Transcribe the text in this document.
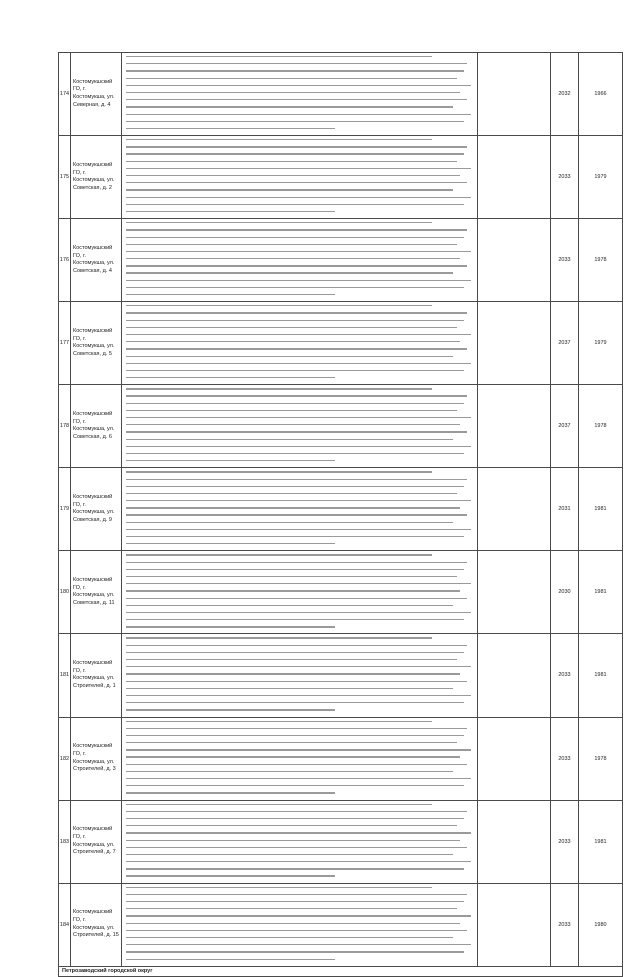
174	Костомукшский ГО, г.
Костомукша, ул.
Северная, д. 4			2032	1966
175	Костомукшский ГО, г.
Костомукша, ул.
Советская, д. 2			2033	1979
176	Костомукшский ГО, г.
Костомукша, ул.
Советская, д. 4			2033	1978
177	Костомукшский ГО, г.
Костомукша, ул.
Советская, д. 5			2037	1979
178	Костомукшский ГО, г.
Костомукша, ул.
Советская, д. 6			2037	1978
179	Костомукшский ГО, г.
Костомукша, ул.
Советская, д. 9			2031	1981
180	Костомукшский ГО, г.
Костомукша, ул.
Советская, д. 11			2030	1981
181	Костомукшский ГО, г.
Костомукша, ул.
Строителей, д. 1			2033	1981
182	Костомукшский ГО, г.
Костомукша, ул.
Строителей, д. 3			2033	1978
183	Костомукшский ГО, г.
Костомукша, ул.
Строителей, д. 7			2033	1981
184	Костомукшский ГО, г.
Костомукша, ул.
Строителей, д. 15			2033	1980
Петрозаводский городской округ					
